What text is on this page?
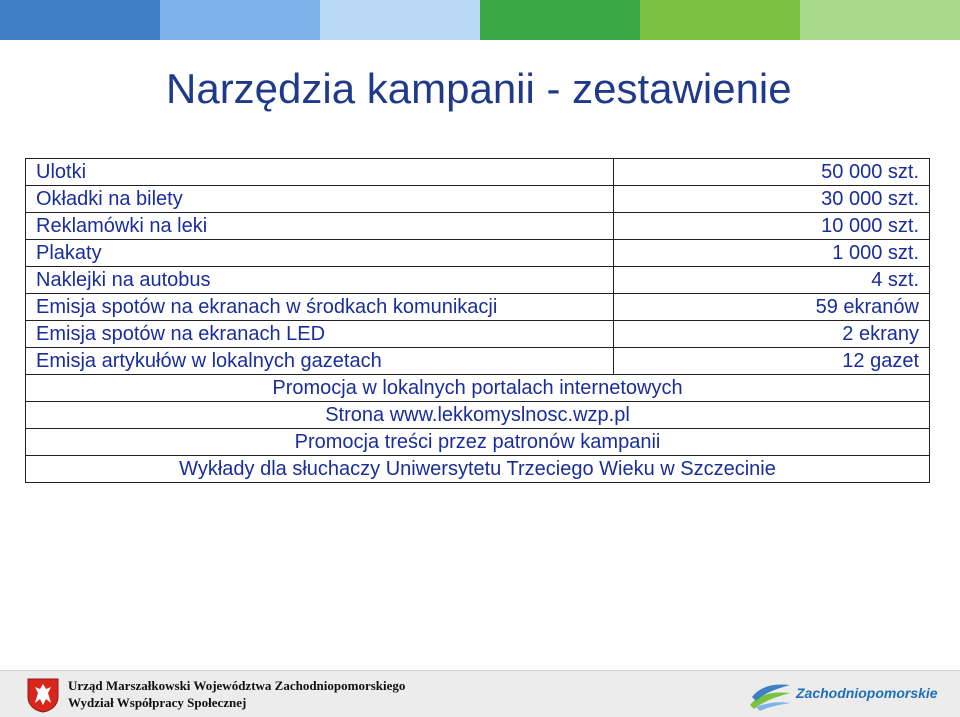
Narzędzia kampanii - zestawienie
Ulotki	50 000 szt.
Okładki na bilety	30 000 szt.
Reklamówki na leki	10 000 szt.
Plakaty	1 000 szt.
Naklejki na autobus	4 szt.
Emisja spotów na ekranach w środkach komunikacji	59 ekranów
Emisja spotów na ekranach LED	2 ekrany
Emisja artykułów w lokalnych gazetach	12 gazet
Promocja w lokalnych portalach internetowych	
Strona www.lekkomyslnosc.wzp.pl	
Promocja treści przez patronów kampanii	
Wykłady dla słuchaczy Uniwersytetu Trzeciego Wieku w Szczecinie	
Urząd Marszałkowski Województwa Zachodniopomorskiego
Wydział Współpracy Społecznej
Zachodniopomorskie
